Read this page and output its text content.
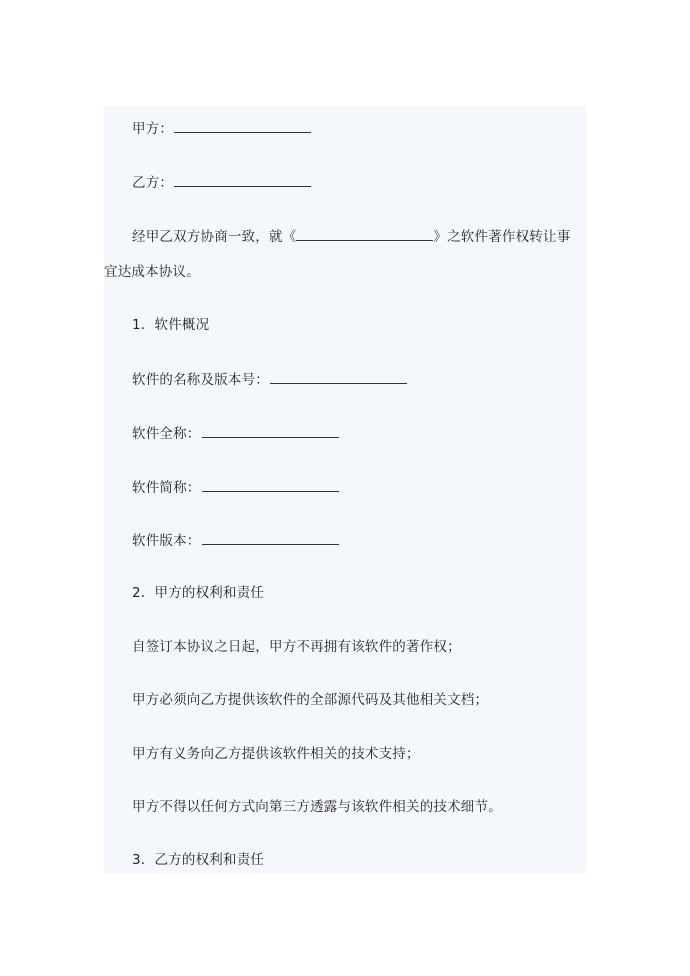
甲方：
乙方：
经甲乙双方协商一致，就《	》之软件著作权转让事
宜达成本协议。
1．软件概况
软件的名称及版本号：
软件全称：
软件简称：
软件版本：
2．甲方的权利和责任
自签订本协议之日起，甲方不再拥有该软件的著作权；
甲方必须向乙方提供该软件的全部源代码及其他相关文档；
甲方有义务向乙方提供该软件相关的技术支持；
甲方不得以任何方式向第三方透露与该软件相关的技术细节。
3．乙方的权利和责任
